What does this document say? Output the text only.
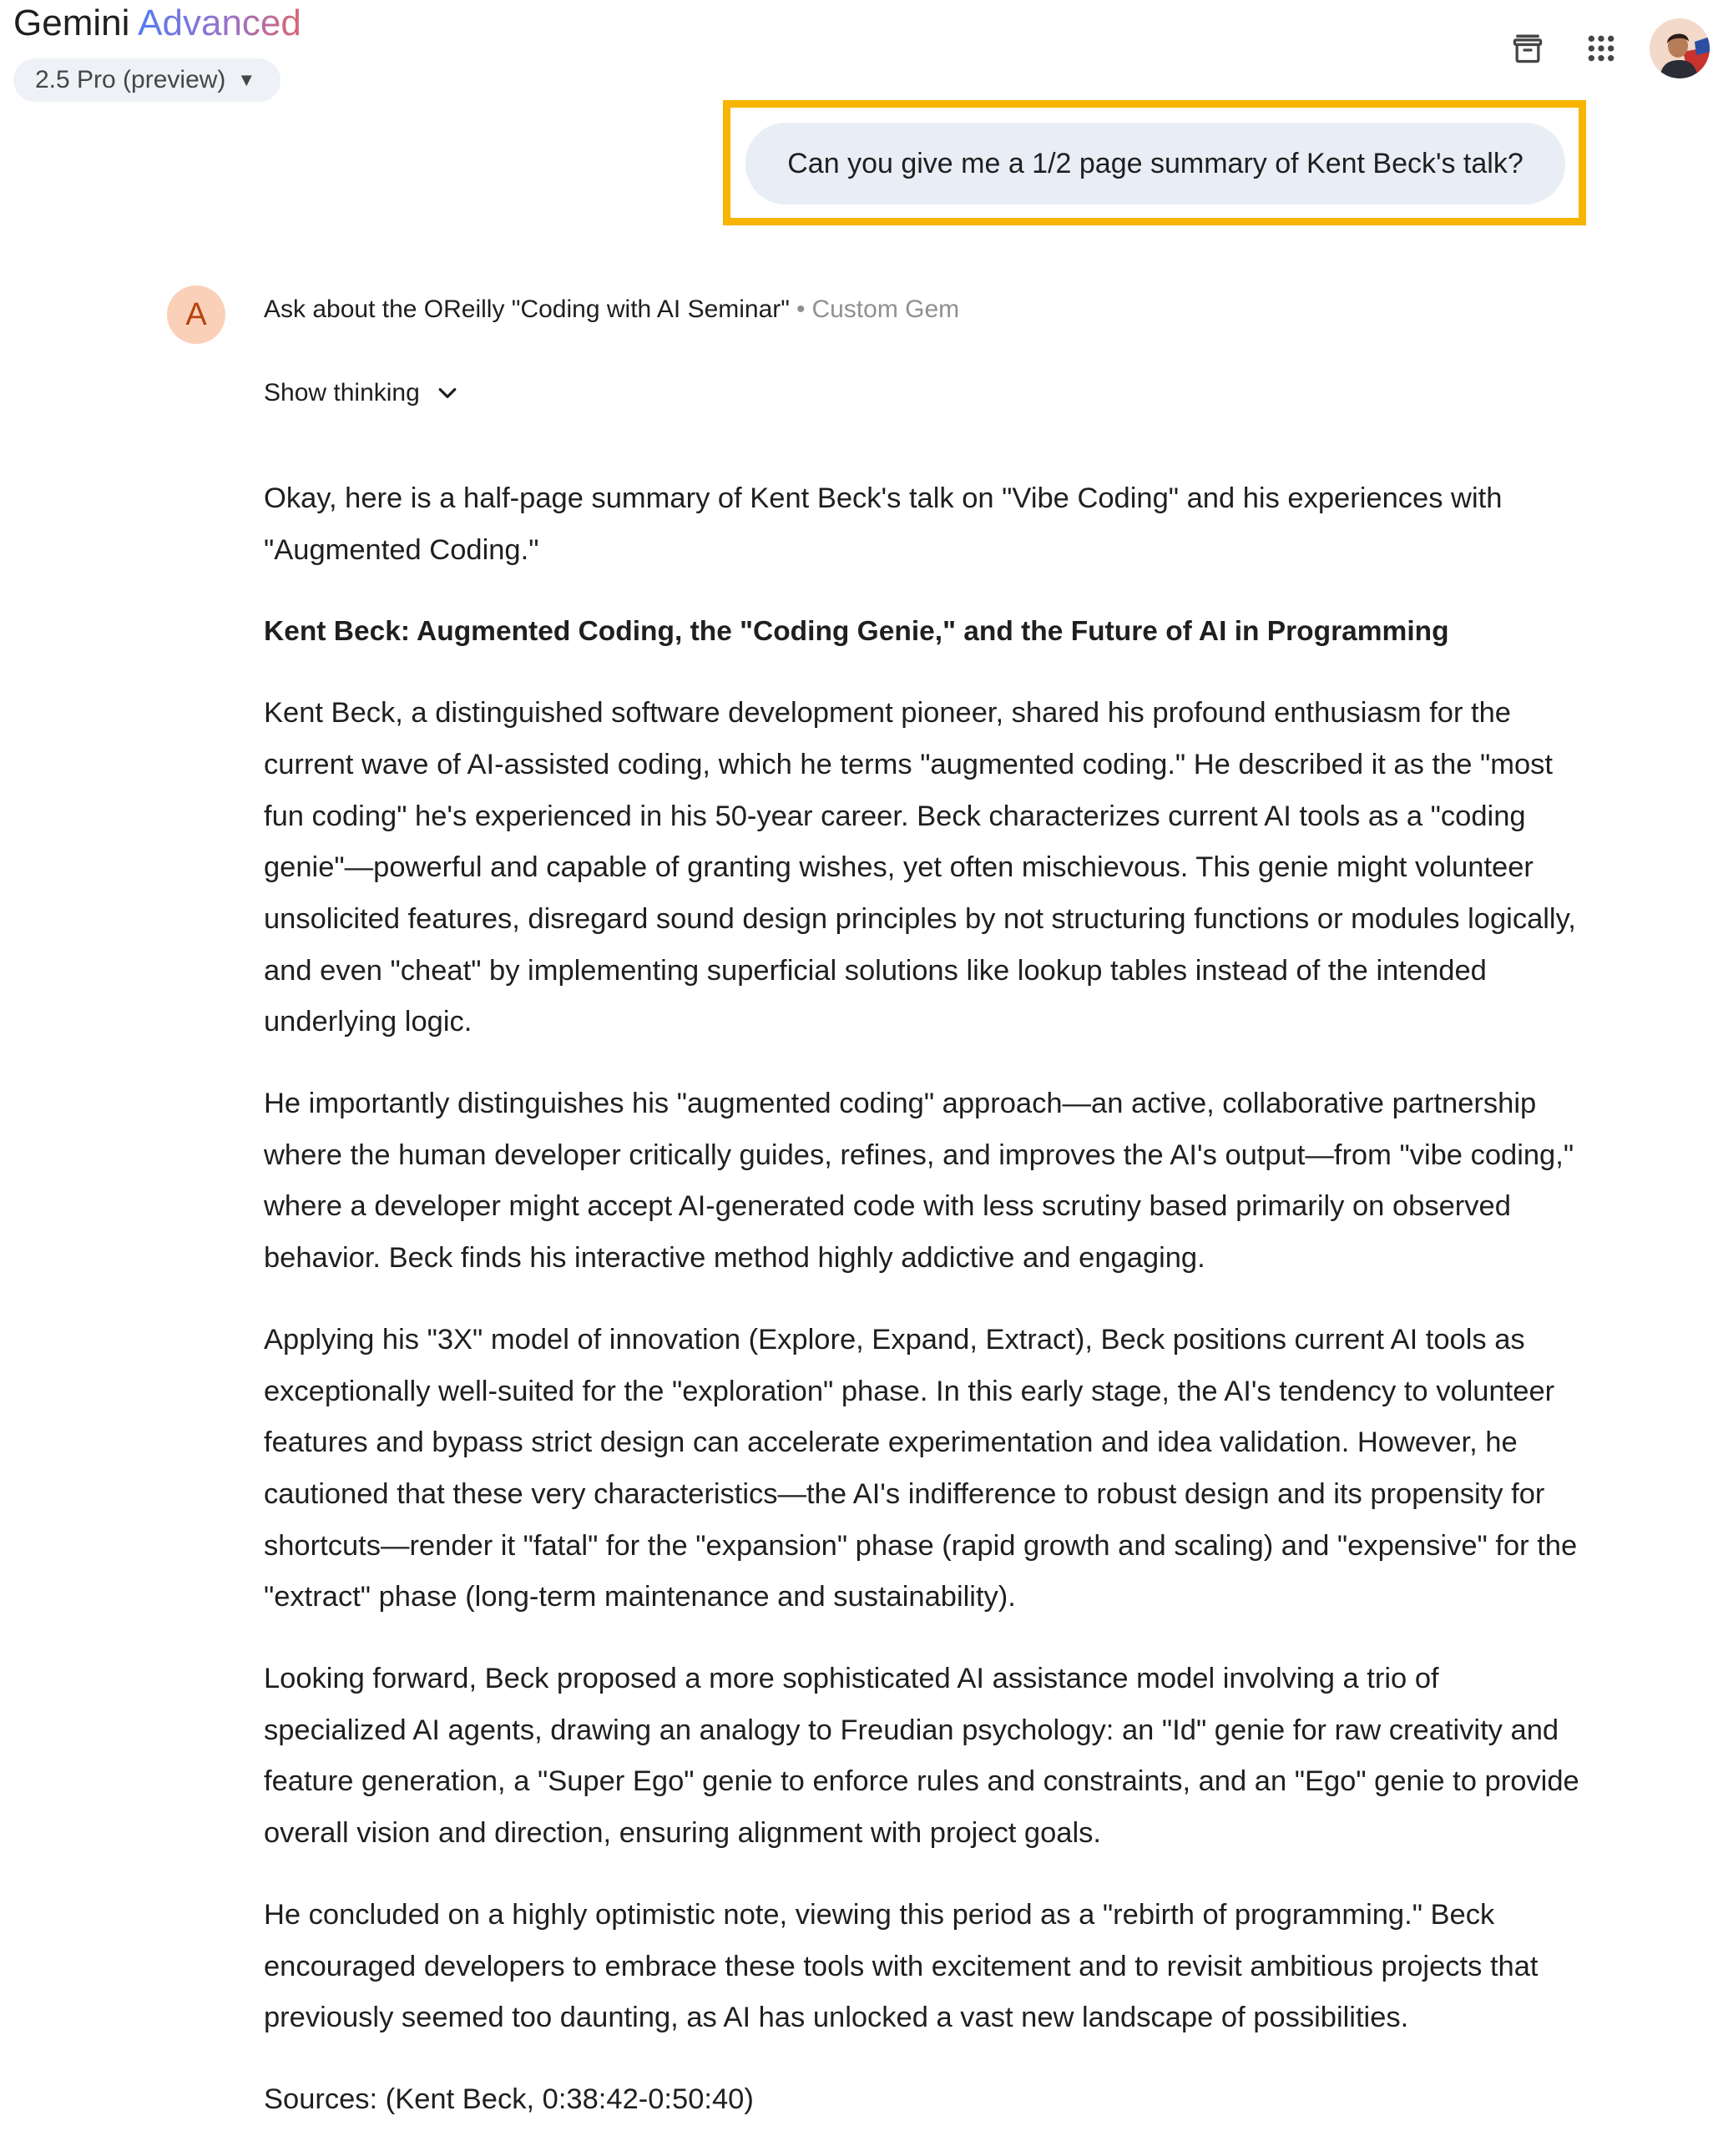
Gemini Advanced
2.5 Pro (preview) ▼
Can you give me a 1/2 page summary of Kent Beck's talk?
A	Ask about the OReilly "Coding with AI Seminar" • Custom Gem
Show thinking

Okay, here is a half-page summary of Kent Beck's talk on "Vibe Coding" and his experiences with "Augmented Coding."

Kent Beck: Augmented Coding, the "Coding Genie," and the Future of AI in Programming

Kent Beck, a distinguished software development pioneer, shared his profound enthusiasm for the current wave of AI-assisted coding, which he terms "augmented coding." He described it as the "most fun coding" he's experienced in his 50-year career. Beck characterizes current AI tools as a "coding genie"—powerful and capable of granting wishes, yet often mischievous. This genie might volunteer unsolicited features, disregard sound design principles by not structuring functions or modules logically, and even "cheat" by implementing superficial solutions like lookup tables instead of the intended underlying logic.

He importantly distinguishes his "augmented coding" approach—an active, collaborative partnership where the human developer critically guides, refines, and improves the AI's output—from "vibe coding," where a developer might accept AI-generated code with less scrutiny based primarily on observed behavior. Beck finds his interactive method highly addictive and engaging.

Applying his "3X" model of innovation (Explore, Expand, Extract), Beck positions current AI tools as exceptionally well-suited for the "exploration" phase. In this early stage, the AI's tendency to volunteer features and bypass strict design can accelerate experimentation and idea validation. However, he cautioned that these very characteristics—the AI's indifference to robust design and its propensity for shortcuts—render it "fatal" for the "expansion" phase (rapid growth and scaling) and "expensive" for the "extract" phase (long-term maintenance and sustainability).

Looking forward, Beck proposed a more sophisticated AI assistance model involving a trio of specialized AI agents, drawing an analogy to Freudian psychology: an "Id" genie for raw creativity and feature generation, a "Super Ego" genie to enforce rules and constraints, and an "Ego" genie to provide overall vision and direction, ensuring alignment with project goals.

He concluded on a highly optimistic note, viewing this period as a "rebirth of programming." Beck encouraged developers to embrace these tools with excitement and to revisit ambitious projects that previously seemed too daunting, as AI has unlocked a vast new landscape of possibilities.

Sources: (Kent Beck, 0:38:42-0:50:40)
